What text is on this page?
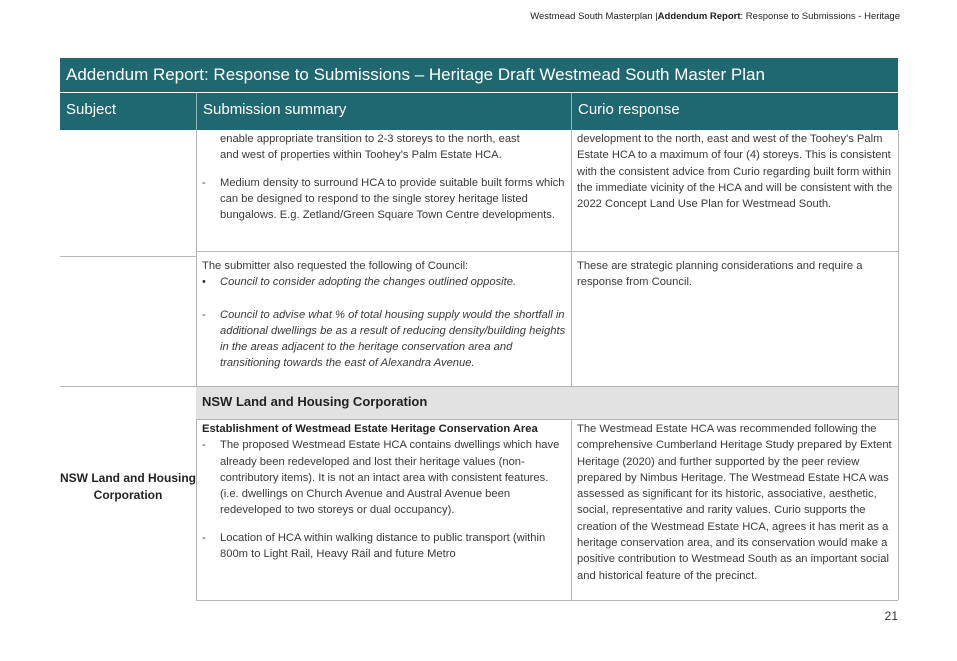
Westmead South Masterplan |Addendum Report: Response to Submissions - Heritage
Addendum Report: Response to Submissions – Heritage Draft Westmead South Master Plan
Subject	Submission summary	Curio response
enable appropriate transition to 2-3 storeys to the north, east
and west of properties within Toohey's Palm Estate HCA.
- Medium density to surround HCA to provide suitable built forms which can be designed to respond to the single storey heritage listed bungalows. E.g. Zetland/Green Square Town Centre developments.
development to the north, east and west of the Toohey's Palm Estate HCA to a maximum of four (4) storeys. This is consistent with the consistent advice from Curio regarding built form within the immediate vicinity of the HCA and will be consistent with the 2022 Concept Land Use Plan for Westmead South.
The submitter also requested the following of Council:
• Council to consider adopting the changes outlined opposite.
- Council to advise what % of total housing supply would the shortfall in additional dwellings be as a result of reducing density/building heights in the areas adjacent to the heritage conservation area and transitioning towards the east of Alexandra Avenue.
These are strategic planning considerations and require a response from Council.
NSW Land and Housing Corporation
NSW Land and Housing Corporation
Establishment of Westmead Estate Heritage Conservation Area
- The proposed Westmead Estate HCA contains dwellings which have already been redeveloped and lost their heritage values (non-contributory items). It is not an intact area with consistent features. (i.e. dwellings on Church Avenue and Austral Avenue been redeveloped to two storeys or dual occupancy).
- Location of HCA within walking distance to public transport (within 800m to Light Rail, Heavy Rail and future Metro
The Westmead Estate HCA was recommended following the comprehensive Cumberland Heritage Study prepared by Extent Heritage (2020) and further supported by the peer review prepared by Nimbus Heritage. The Westmead Estate HCA was assessed as significant for its historic, associative, aesthetic, social, representative and rarity values. Curio supports the creation of the Westmead Estate HCA, agrees it has merit as a heritage conservation area, and its conservation would make a positive contribution to Westmead South as an important social and historical feature of the precinct.
21
